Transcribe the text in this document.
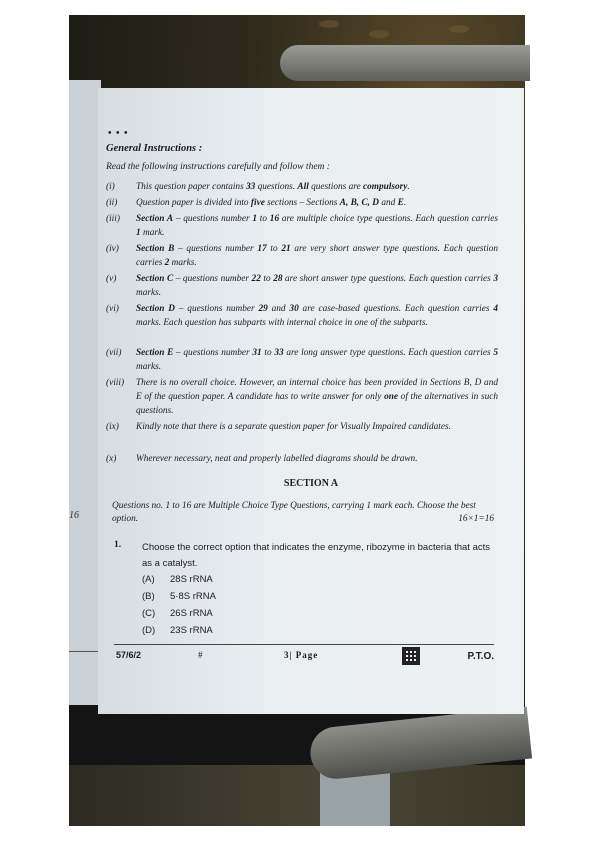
16
• • •
General Instructions :
Read the following instructions carefully and follow them :
(i) This question paper contains 33 questions. All questions are compulsory.
(ii) Question paper is divided into five sections – Sections A, B, C, D and E.
(iii) Section A – questions number 1 to 16 are multiple choice type questions. Each question carries 1 mark.
(iv) Section B – questions number 17 to 21 are very short answer type questions. Each question carries 2 marks.
(v) Section C – questions number 22 to 28 are short answer type questions. Each question carries 3 marks.
(vi) Section D – questions number 29 and 30 are case-based questions. Each question carries 4 marks. Each question has subparts with internal choice in one of the subparts.
(vii) Section E – questions number 31 to 33 are long answer type questions. Each question carries 5 marks.
(viii) There is no overall choice. However, an internal choice has been provided in Sections B, D and E of the question paper. A candidate has to write answer for only one of the alternatives in such questions.
(ix) Kindly note that there is a separate question paper for Visually Impaired candidates.
(x) Wherever necessary, neat and properly labelled diagrams should be drawn.
SECTION A
Questions no. 1 to 16 are Multiple Choice Type Questions, carrying 1 mark each. Choose the best option.	16×1=16
1. Choose the correct option that indicates the enzyme, ribozyme in bacteria that acts as a catalyst.
(A) 28S rRNA
(B) 5·8S rRNA
(C) 26S rRNA
(D) 23S rRNA
57/6/2	#	3| Page	P.T.O.
